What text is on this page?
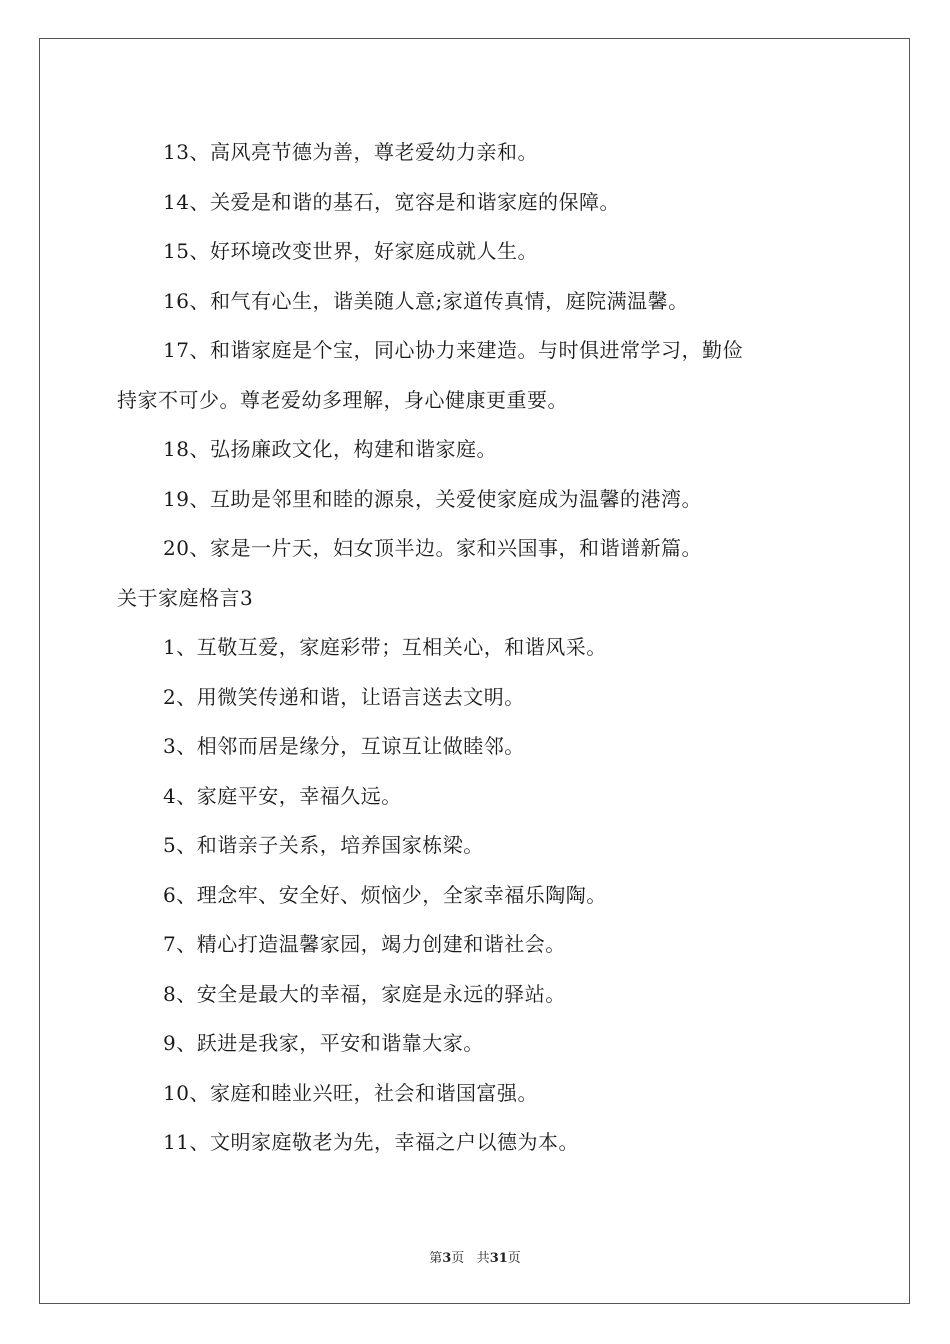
13、高风亮节德为善，尊老爱幼力亲和。
14、关爱是和谐的基石，宽容是和谐家庭的保障。
15、好环境改变世界，好家庭成就人生。
16、和气有心生，谐美随人意;家道传真情，庭院满温馨。
17、和谐家庭是个宝，同心协力来建造。与时俱进常学习，勤俭
持家不可少。尊老爱幼多理解，身心健康更重要。
18、弘扬廉政文化，构建和谐家庭。
19、互助是邻里和睦的源泉，关爱使家庭成为温馨的港湾。
20、家是一片天，妇女顶半边。家和兴国事，和谐谱新篇。
关于家庭格言3
1、互敬互爱，家庭彩带；互相关心，和谐风采。
2、用微笑传递和谐，让语言送去文明。
3、相邻而居是缘分，互谅互让做睦邻。
4、家庭平安，幸福久远。
5、和谐亲子关系，培养国家栋梁。
6、理念牢、安全好、烦恼少，全家幸福乐陶陶。
7、精心打造温馨家园，竭力创建和谐社会。
8、安全是最大的幸福，家庭是永远的驿站。
9、跃进是我家，平安和谐靠大家。
10、家庭和睦业兴旺，社会和谐国富强。
11、文明家庭敬老为先，幸福之户以德为本。
第3页 共31页
